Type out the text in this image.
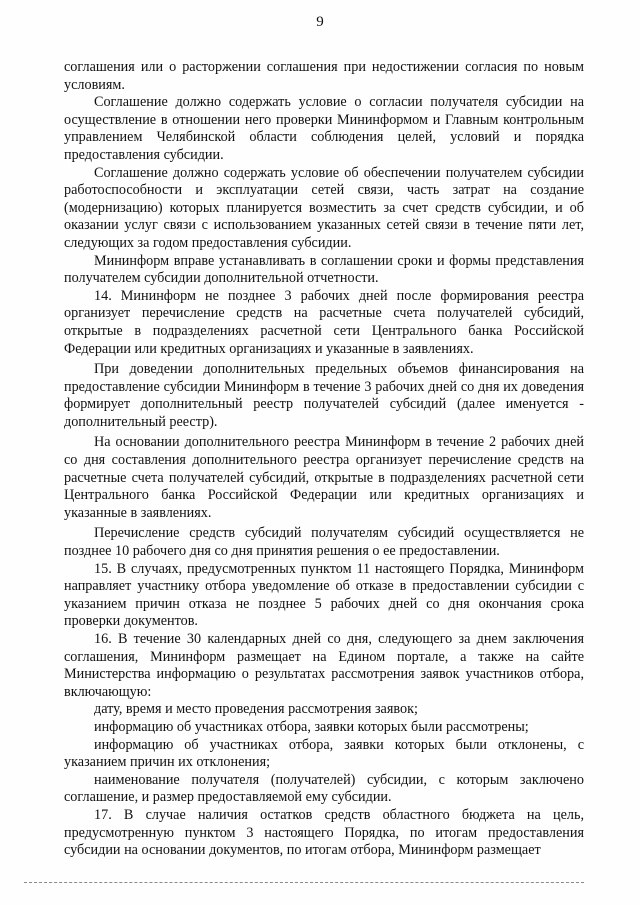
9

соглашения или о расторжении соглашения при недостижении согласия по новым условиям.

Соглашение должно содержать условие о согласии получателя субсидии на осуществление в отношении него проверки Мининформом и Главным контрольным управлением Челябинской области соблюдения целей, условий и порядка предоставления субсидии.

Соглашение должно содержать условие об обеспечении получателем субсидии работоспособности и эксплуатации сетей связи, часть затрат на создание (модернизацию) которых планируется возместить за счет средств субсидии, и об оказании услуг связи с использованием указанных сетей связи в течение пяти лет, следующих за годом предоставления субсидии.

Мининформ вправе устанавливать в соглашении сроки и формы представления получателем субсидии дополнительной отчетности.

14. Мининформ не позднее 3 рабочих дней после формирования реестра организует перечисление средств на расчетные счета получателей субсидий, открытые в подразделениях расчетной сети Центрального банка Российской Федерации или кредитных организациях и указанные в заявлениях.

При доведении дополнительных предельных объемов финансирования на предоставление субсидии Мининформ в течение 3 рабочих дней со дня их доведения формирует дополнительный реестр получателей субсидий (далее именуется - дополнительный реестр).

На основании дополнительного реестра Мининформ в течение 2 рабочих дней со дня составления дополнительного реестра организует перечисление средств на расчетные счета получателей субсидий, открытые в подразделениях расчетной сети Центрального банка Российской Федерации или кредитных организациях и указанные в заявлениях.

Перечисление средств субсидий получателям субсидий осуществляется не позднее 10 рабочего дня со дня принятия решения о ее предоставлении.

15. В случаях, предусмотренных пунктом 11 настоящего Порядка, Мининформ направляет участнику отбора уведомление об отказе в предоставлении субсидии с указанием причин отказа не позднее 5 рабочих дней со дня окончания срока проверки документов.

16. В течение 30 календарных дней со дня, следующего за днем заключения соглашения, Мининформ размещает на Едином портале, а также на сайте Министерства информацию о результатах рассмотрения заявок участников отбора, включающую:

дату, время и место проведения рассмотрения заявок;

информацию об участниках отбора, заявки которых были рассмотрены;

информацию об участниках отбора, заявки которых были отклонены, с указанием причин их отклонения;

наименование получателя (получателей) субсидии, с которым заключено соглашение, и размер предоставляемой ему субсидии.

17. В случае наличия остатков средств областного бюджета на цель, предусмотренную пунктом 3 настоящего Порядка, по итогам предоставления субсидии на основании документов, по итогам отбора, Мининформ размещает
